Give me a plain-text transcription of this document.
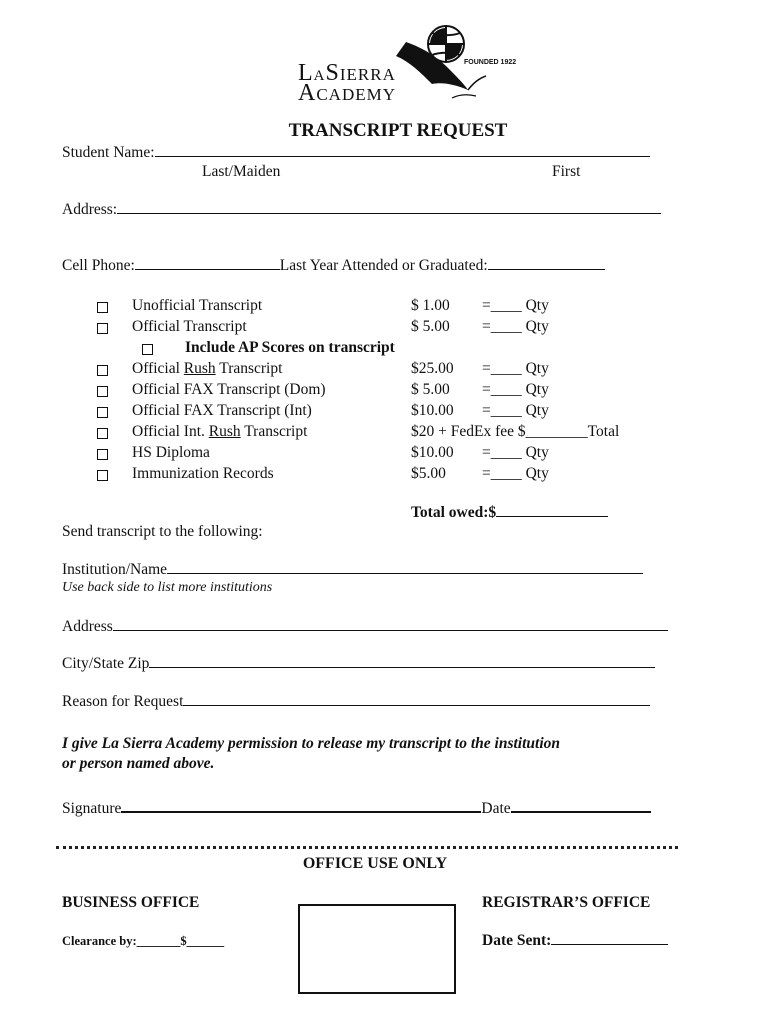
LASIERRA
ACADEMY
FOUNDED 1922
TRANSCRIPT REQUEST
Student Name:
Last/Maiden	First
Address:
Cell Phone:	Last Year Attended or Graduated:
Unofficial Transcript	$ 1.00 =____ Qty
Official Transcript	$ 5.00 =____ Qty
Include AP Scores on transcript
Official Rush Transcript	$25.00 =____ Qty
Official FAX Transcript (Dom)	$ 5.00 =____ Qty
Official FAX Transcript (Int)	$10.00 =____ Qty
Official Int. Rush Transcript	$20 + FedEx fee $________Total
HS Diploma	$10.00 =____ Qty
Immunization Records	$5.00 =____ Qty
Total owed:$
Send transcript to the following:
Institution/Name
Use back side to list more institutions
Address
City/State Zip
Reason for Request
I give La Sierra Academy permission to release my transcript to the institution
or person named above.
Signature	Date
OFFICE USE ONLY
BUSINESS OFFICE
Clearance by:_______$______
REGISTRAR’S OFFICE
Date Sent:
